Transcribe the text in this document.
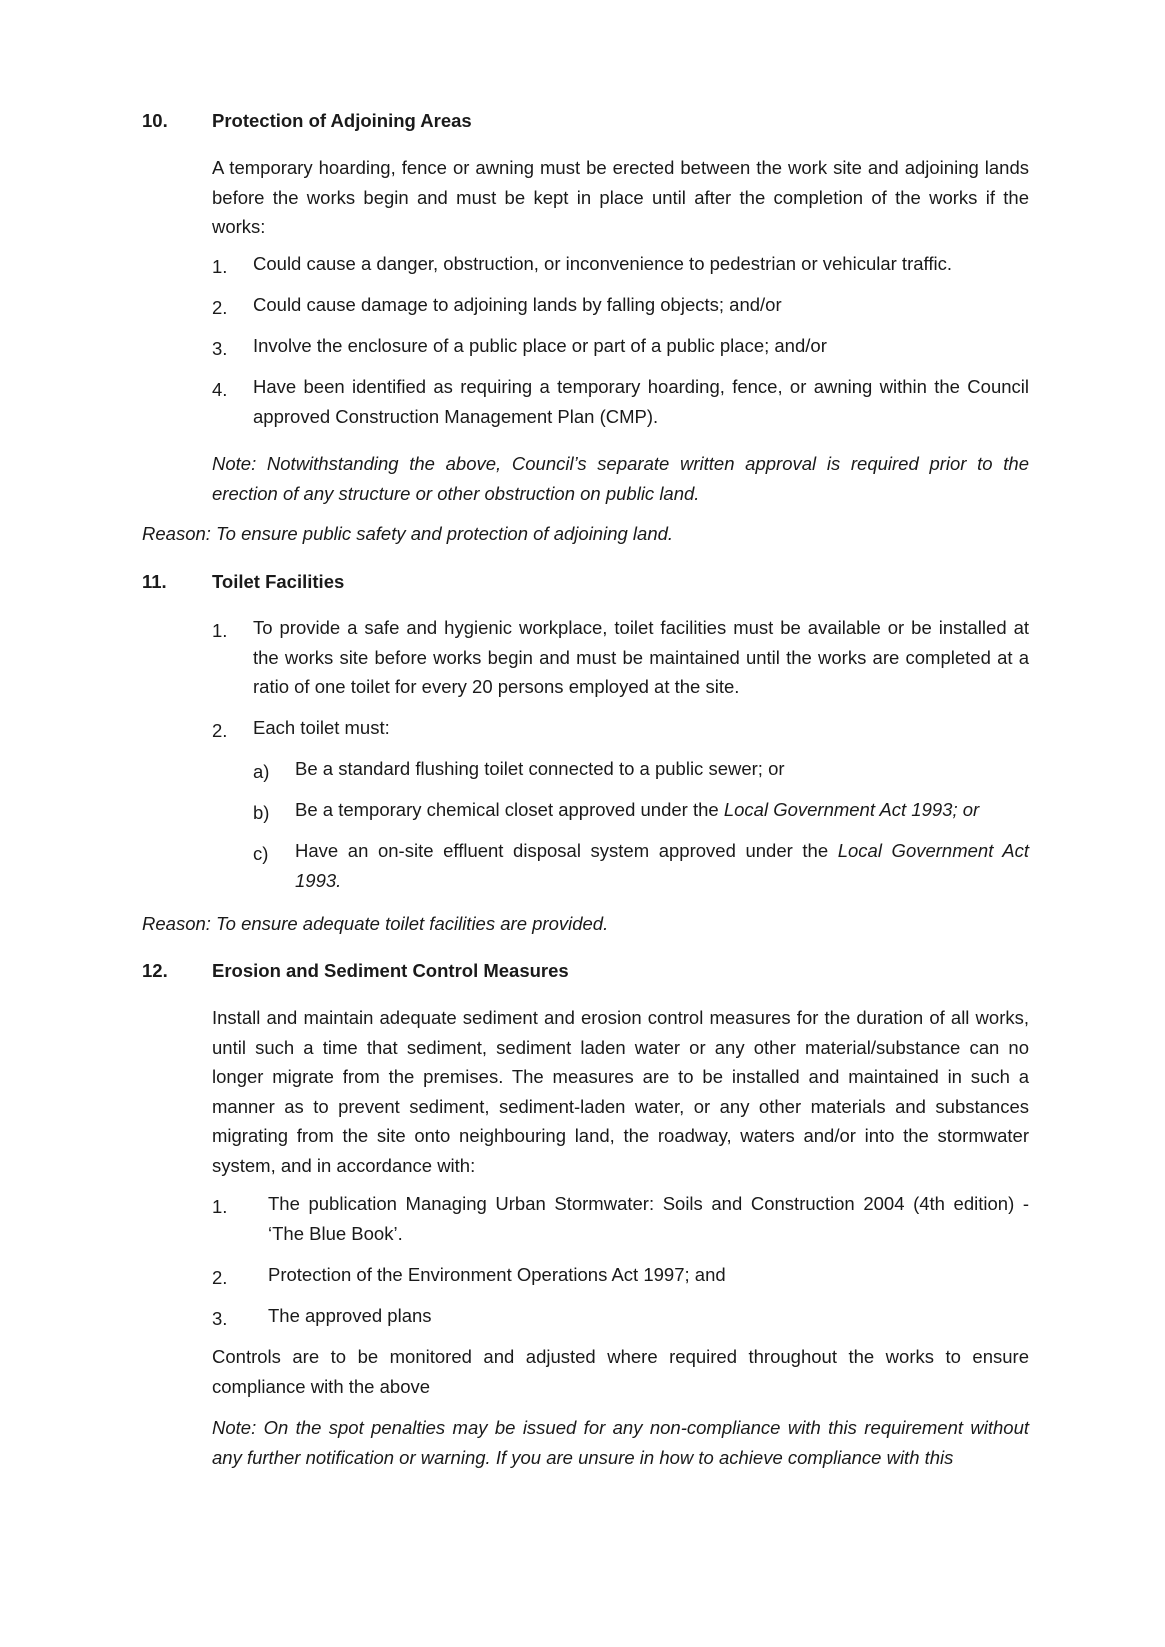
10. Protection of Adjoining Areas
A temporary hoarding, fence or awning must be erected between the work site and adjoining lands before the works begin and must be kept in place until after the completion of the works if the works:
1. Could cause a danger, obstruction, or inconvenience to pedestrian or vehicular traffic.
2. Could cause damage to adjoining lands by falling objects; and/or
3. Involve the enclosure of a public place or part of a public place; and/or
4. Have been identified as requiring a temporary hoarding, fence, or awning within the Council approved Construction Management Plan (CMP).
Note: Notwithstanding the above, Council’s separate written approval is required prior to the erection of any structure or other obstruction on public land.
Reason: To ensure public safety and protection of adjoining land.
11. Toilet Facilities
1. To provide a safe and hygienic workplace, toilet facilities must be available or be installed at the works site before works begin and must be maintained until the works are completed at a ratio of one toilet for every 20 persons employed at the site.
2. Each toilet must:
a) Be a standard flushing toilet connected to a public sewer; or
b) Be a temporary chemical closet approved under the Local Government Act 1993; or
c) Have an on-site effluent disposal system approved under the Local Government Act 1993.
Reason: To ensure adequate toilet facilities are provided.
12. Erosion and Sediment Control Measures
Install and maintain adequate sediment and erosion control measures for the duration of all works, until such a time that sediment, sediment laden water or any other material/substance can no longer migrate from the premises. The measures are to be installed and maintained in such a manner as to prevent sediment, sediment-laden water, or any other materials and substances migrating from the site onto neighbouring land, the roadway, waters and/or into the stormwater system, and in accordance with:
1. The publication Managing Urban Stormwater: Soils and Construction 2004 (4th edition) - ‘The Blue Book’.
2. Protection of the Environment Operations Act 1997; and
3. The approved plans
Controls are to be monitored and adjusted where required throughout the works to ensure compliance with the above
Note: On the spot penalties may be issued for any non-compliance with this requirement without any further notification or warning. If you are unsure in how to achieve compliance with this
